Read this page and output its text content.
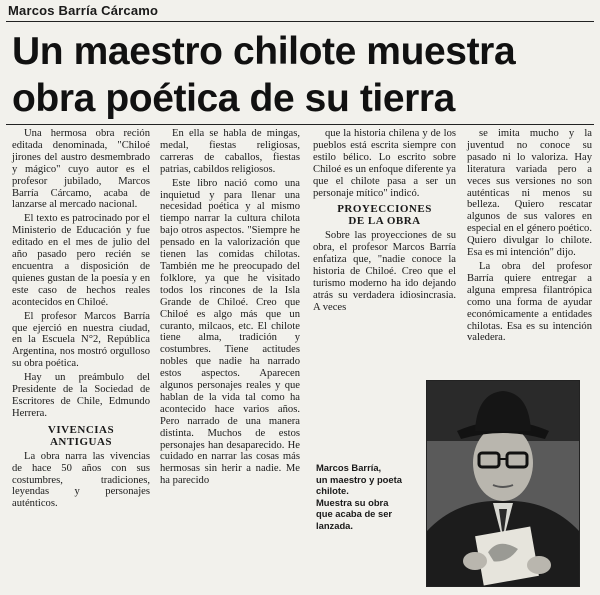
Marcos Barría Cárcamo
Un maestro chilote muestra
obra poética de su tierra

Una hermosa obra reción editada denominada, "Chiloé jirones del austro desmembrado y mágico" cuyo autor es el profesor jubilado, Marcos Barría Cárcamo, acaba de lanzarse al mercado nacional.

El texto es patrocinado por el Ministerio de Educación y fue editado en el mes de julio del año pasado pero recién se encuentra a disposición de quienes gustan de la poesía y en este caso de hechos reales acontecidos en Chiloé.

El profesor Marcos Barría que ejerció en nuestra ciudad, en la Escuela N°2, República Argentina, nos mostró orgulloso su obra poética.

Hay un preámbulo del Presidente de la Sociedad de Escritores de Chile, Edmundo Herrera.

VIVENCIAS
ANTIGUAS

La obra narra las vivencias de hace 50 años con sus costumbres, tradiciones, leyendas y personajes auténticos.

En ella se habla de mingas, medal, fiestas religiosas, carreras de caballos, fiestas patrias, cabildos religiosos.

Este libro nació como una inquietud y para llenar una necesidad poética y al mismo tiempo narrar la cultura chilota bajo otros aspectos. "Siempre he pensado en la valorización que tienen las comidas chilotas. También me he preocupado del folklore, ya que he visitado todos los rincones de la Isla Grande de Chiloé. Creo que Chiloé es algo más que un curanto, milcaos, etc. El chilote tiene alma, tradición y costumbres. Tiene actitudes nobles que nadie ha narrado estos aspectos. Aparecen algunos personajes reales y que hablan de la vida tal como ha acontecido hace varios años. Pero narrado de una manera distinta. Muchos de estos personajes han desaparecido. He cuidado en narrar las cosas más hermosas sin herir a nadie. Me ha parecido

que la historia chilena y de los pueblos está escrita siempre con estilo bélico. Lo escrito sobre Chiloé es un enfoque diferente ya que el chilote pasa a ser un personaje mítico" indicó.

PROYECCIONES
DE LA OBRA

Sobre las proyecciones de su obra, el profesor Marcos Barría enfatiza que, "nadie conoce la historia de Chiloé. Creo que el turismo moderno ha ido dejando atrás su verdadera idiosincrasia. A veces

se imita mucho y la juventud no conoce su pasado ni lo valoriza. Hay literatura variada pero a veces sus versiones no son auténticas ni menos su belleza. Quiero rescatar algunos de sus valores en especial en el género poético. Quiero divulgar lo chilote. Esa es mi intención" dijo.

La obra del profesor Barría quiere entregar a alguna empresa filantrópica como una forma de ayudar económicamente a entidades chilotas. Esa es su intención valedera.

Marcos Barría,
un maestro y poeta chilote.
Muestra su obra
que acaba de ser
lanzada.
